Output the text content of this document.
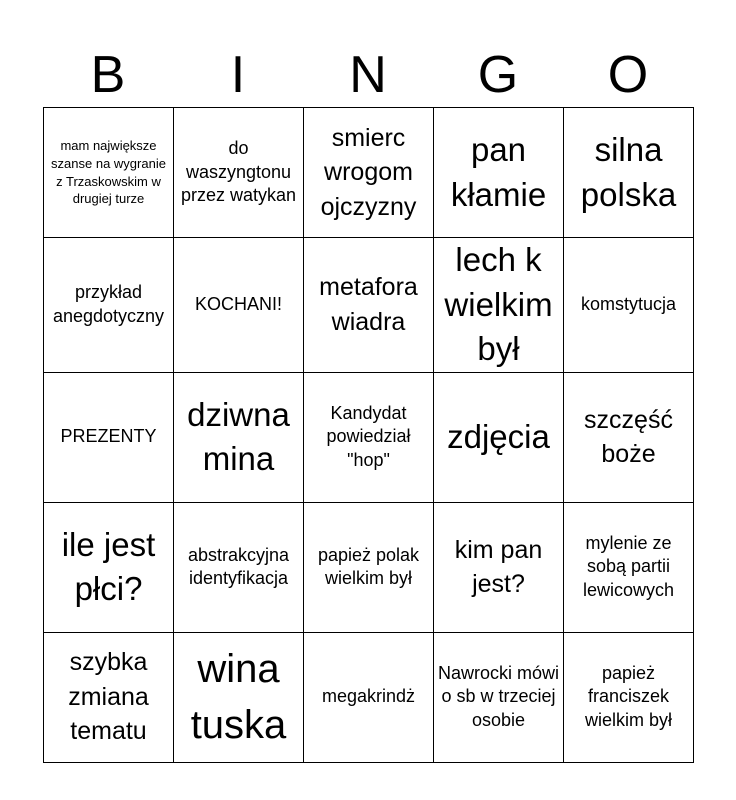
B	I	N	G	O
mam największe szanse na wygranie z Trzaskowskim w drugiej turze	do waszyngtonu przez watykan	smierc wrogom ojczyzny	pan kłamie	silna polska
przykład anegdotyczny	KOCHANI!	metafora wiadra	lech k wielkim był	komstytucja
PREZENTY	dziwna mina	Kandydat powiedział "hop"	zdjęcia	szczęść boże
ile jest płci?	abstrakcyjna identyfikacja	papież polak wielkim był	kim pan jest?	mylenie ze sobą partii lewicowych
szybka zmiana tematu	wina tuska	megakrindż	Nawrocki mówi o sb w trzeciej osobie	papież franciszek wielkim był
